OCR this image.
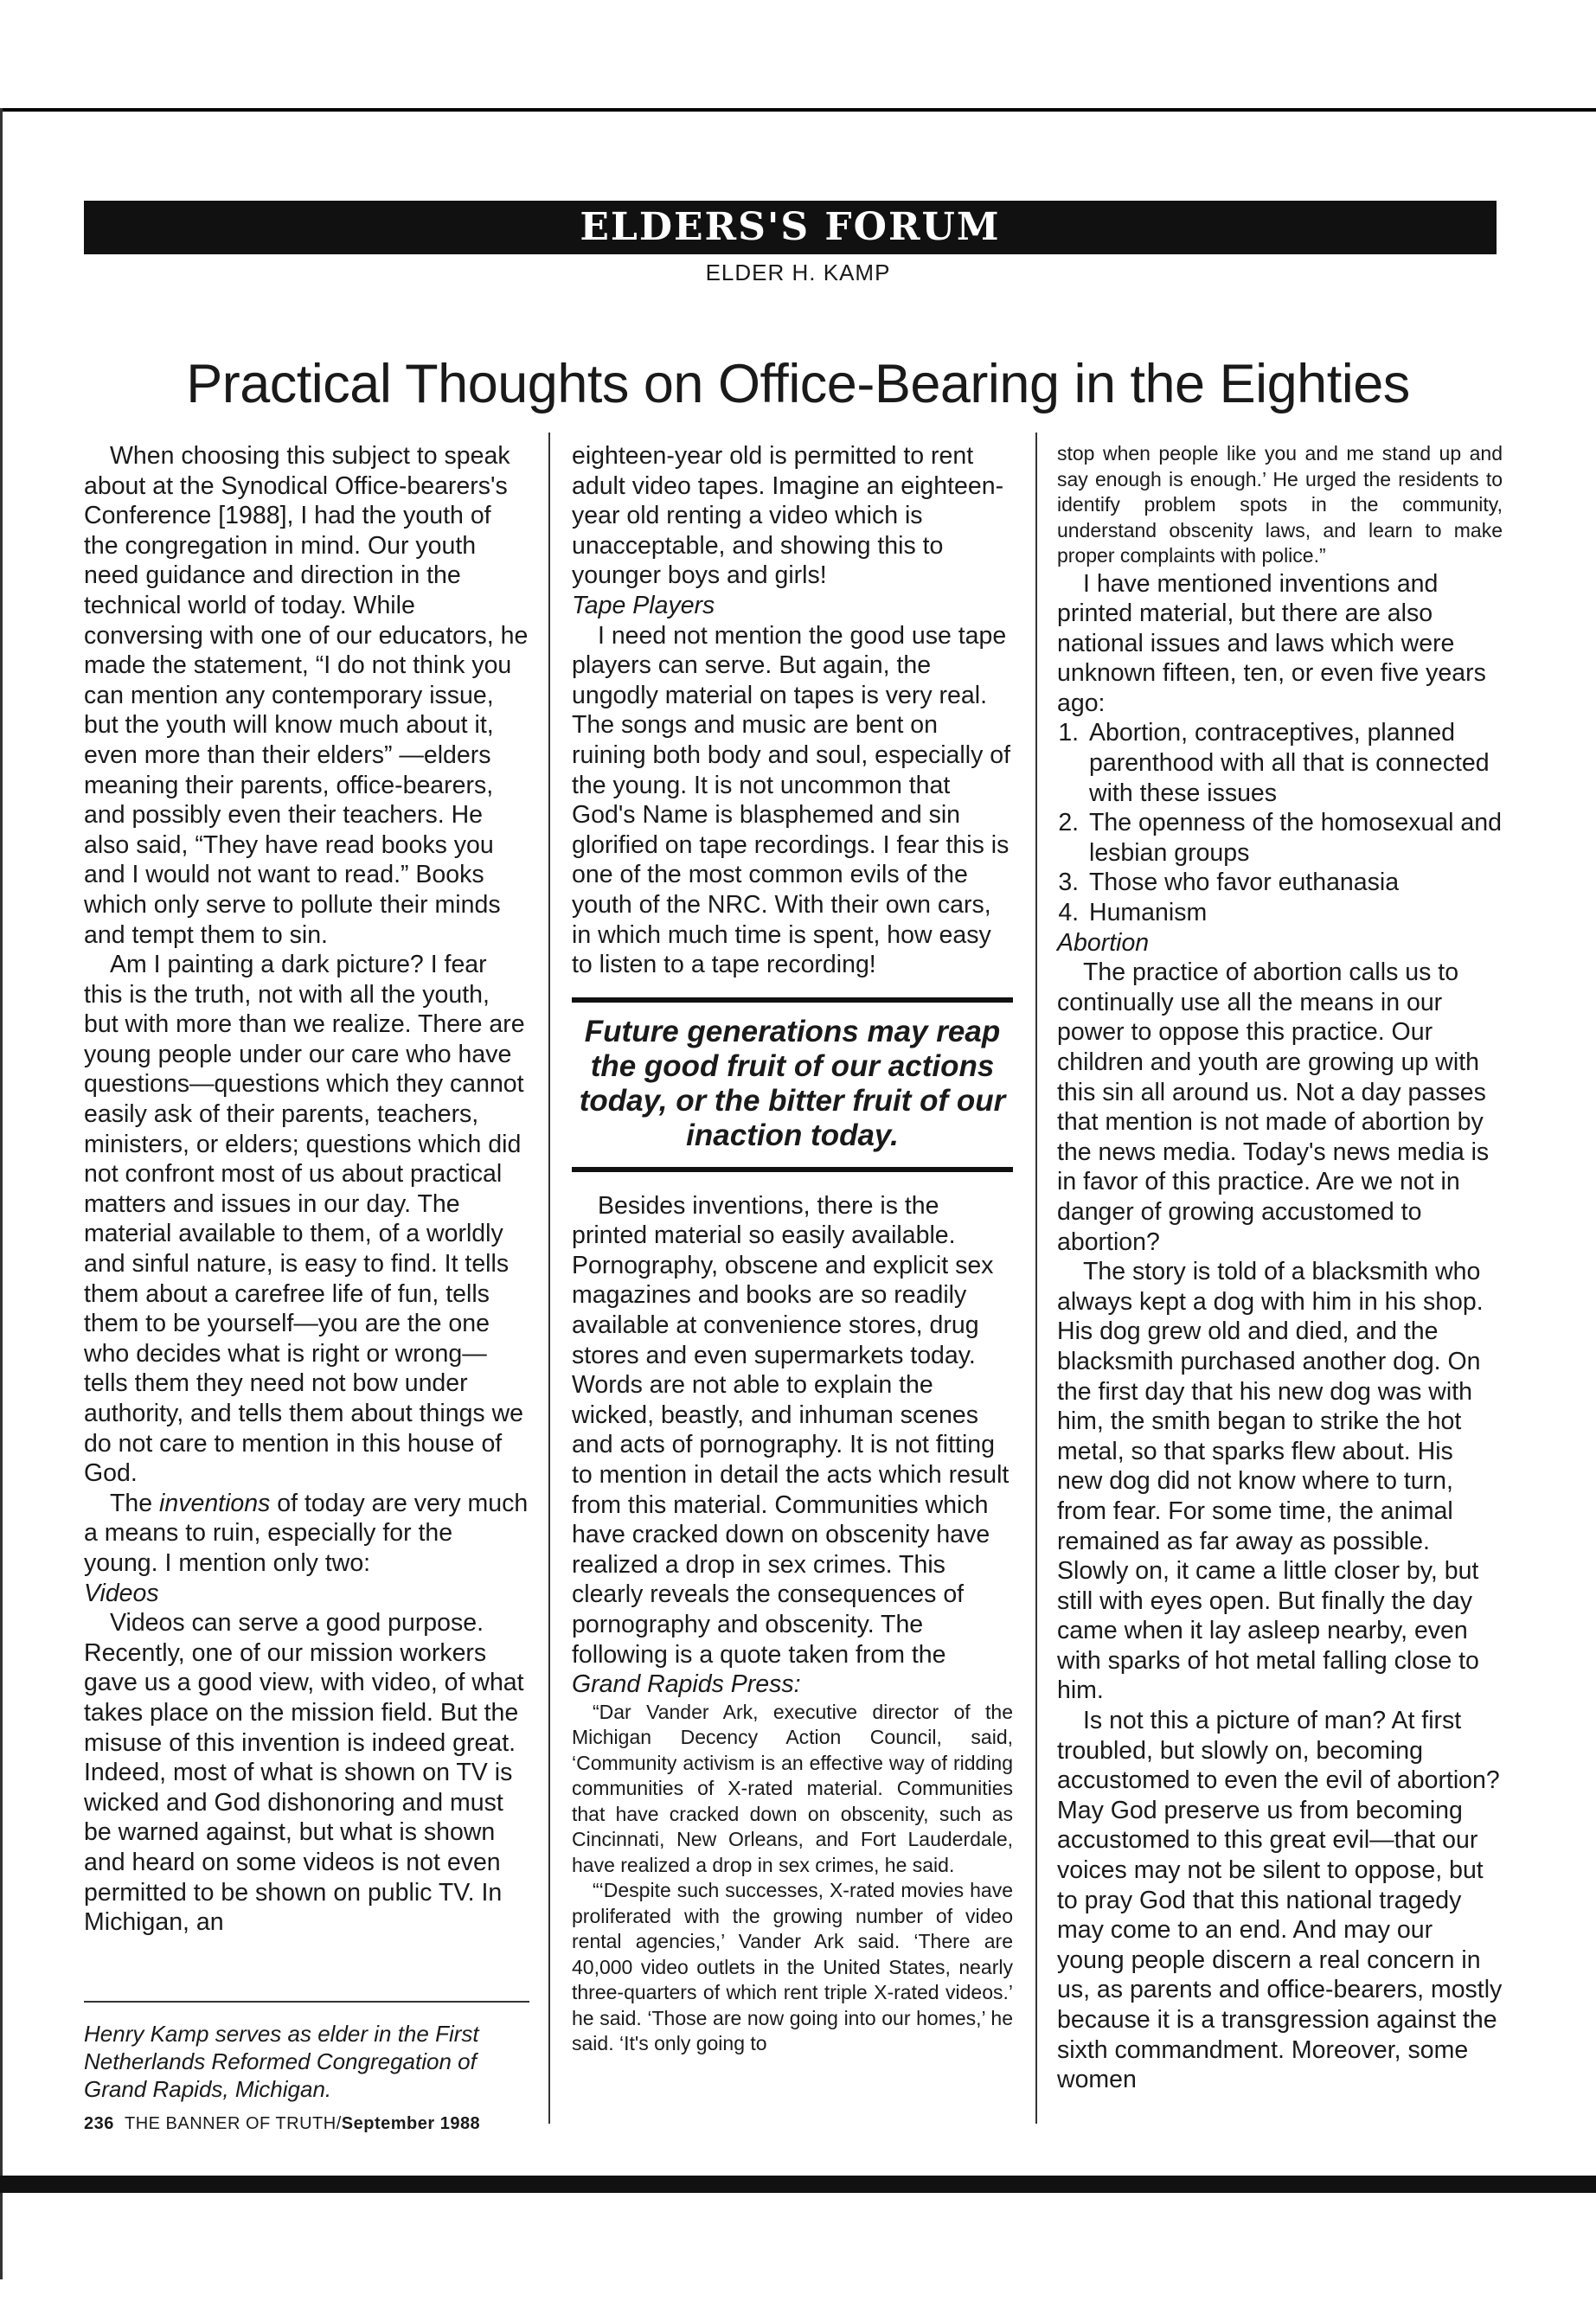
ELDERS'S FORUM
ELDER H. KAMP
Practical Thoughts on Office-Bearing in the Eighties

When choosing this subject to speak about at the Synodical Office-bearers's Conference [1988], I had the youth of the congregation in mind. Our youth need guidance and direction in the technical world of today. While conversing with one of our educators, he made the statement, “I do not think you can mention any contemporary issue, but the youth will know much about it, even more than their elders” —elders meaning their parents, office-bearers, and possibly even their teachers. He also said, “They have read books you and I would not want to read.” Books which only serve to pollute their minds and tempt them to sin.

Am I painting a dark picture? I fear this is the truth, not with all the youth, but with more than we realize. There are young people under our care who have questions—questions which they cannot easily ask of their parents, teachers, ministers, or elders; questions which did not confront most of us about practical matters and issues in our day. The material available to them, of a worldly and sinful nature, is easy to find. It tells them about a carefree life of fun, tells them to be yourself—you are the one who decides what is right or wrong—tells them they need not bow under authority, and tells them about things we do not care to mention in this house of God.

The inventions of today are very much a means to ruin, especially for the young. I mention only two:

Videos

Videos can serve a good purpose. Recently, one of our mission workers gave us a good view, with video, of what takes place on the mission field. But the misuse of this invention is indeed great. Indeed, most of what is shown on TV is wicked and God dishonoring and must be warned against, but what is shown and heard on some videos is not even permitted to be shown on public TV. In Michigan, an

Henry Kamp serves as elder in the First Netherlands Reformed Congregation of Grand Rapids, Michigan.
236 THE BANNER OF TRUTH/September 1988

eighteen-year old is permitted to rent adult video tapes. Imagine an eighteen-year old renting a video which is unacceptable, and showing this to younger boys and girls!

Tape Players

I need not mention the good use tape players can serve. But again, the ungodly material on tapes is very real. The songs and music are bent on ruining both body and soul, especially of the young. It is not uncommon that God's Name is blasphemed and sin glorified on tape recordings. I fear this is one of the most common evils of the youth of the NRC. With their own cars, in which much time is spent, how easy to listen to a tape recording!

Future generations may reap the good fruit of our actions today, or the bitter fruit of our inaction today.

Besides inventions, there is the printed material so easily available. Pornography, obscene and explicit sex magazines and books are so readily available at convenience stores, drug stores and even supermarkets today. Words are not able to explain the wicked, beastly, and inhuman scenes and acts of pornography. It is not fitting to mention in detail the acts which result from this material. Communities which have cracked down on obscenity have realized a drop in sex crimes. This clearly reveals the consequences of pornography and obscenity. The following is a quote taken from the

Grand Rapids Press:

“Dar Vander Ark, executive director of the Michigan Decency Action Council, said, ‘Community activism is an effective way of ridding communities of X-rated material. Communities that have cracked down on obscenity, such as Cincinnati, New Orleans, and Fort Lauderdale, have realized a drop in sex crimes, he said.

“‘Despite such successes, X-rated movies have proliferated with the growing number of video rental agencies,’ Vander Ark said. ‘There are 40,000 video outlets in the United States, nearly three-quarters of which rent triple X-rated videos.’ he said. ‘Those are now going into our homes,’ he said. ‘It's only going to

stop when people like you and me stand up and say enough is enough.’ He urged the residents to identify problem spots in the community, understand obscenity laws, and learn to make proper complaints with police.”

I have mentioned inventions and printed material, but there are also national issues and laws which were unknown fifteen, ten, or even five years ago:

1. Abortion, contraceptives, planned parenthood with all that is connected with these issues
2. The openness of the homosexual and lesbian groups
3. Those who favor euthanasia
4. Humanism

Abortion

The practice of abortion calls us to continually use all the means in our power to oppose this practice. Our children and youth are growing up with this sin all around us. Not a day passes that mention is not made of abortion by the news media. Today's news media is in favor of this practice. Are we not in danger of growing accustomed to abortion?

The story is told of a blacksmith who always kept a dog with him in his shop. His dog grew old and died, and the blacksmith purchased another dog. On the first day that his new dog was with him, the smith began to strike the hot metal, so that sparks flew about. His new dog did not know where to turn, from fear. For some time, the animal remained as far away as possible. Slowly on, it came a little closer by, but still with eyes open. But finally the day came when it lay asleep nearby, even with sparks of hot metal falling close to him.

Is not this a picture of man? At first troubled, but slowly on, becoming accustomed to even the evil of abortion? May God preserve us from becoming accustomed to this great evil—that our voices may not be silent to oppose, but to pray God that this national tragedy may come to an end. And may our young people discern a real concern in us, as parents and office-bearers, mostly because it is a transgression against the sixth commandment. Moreover, some women
